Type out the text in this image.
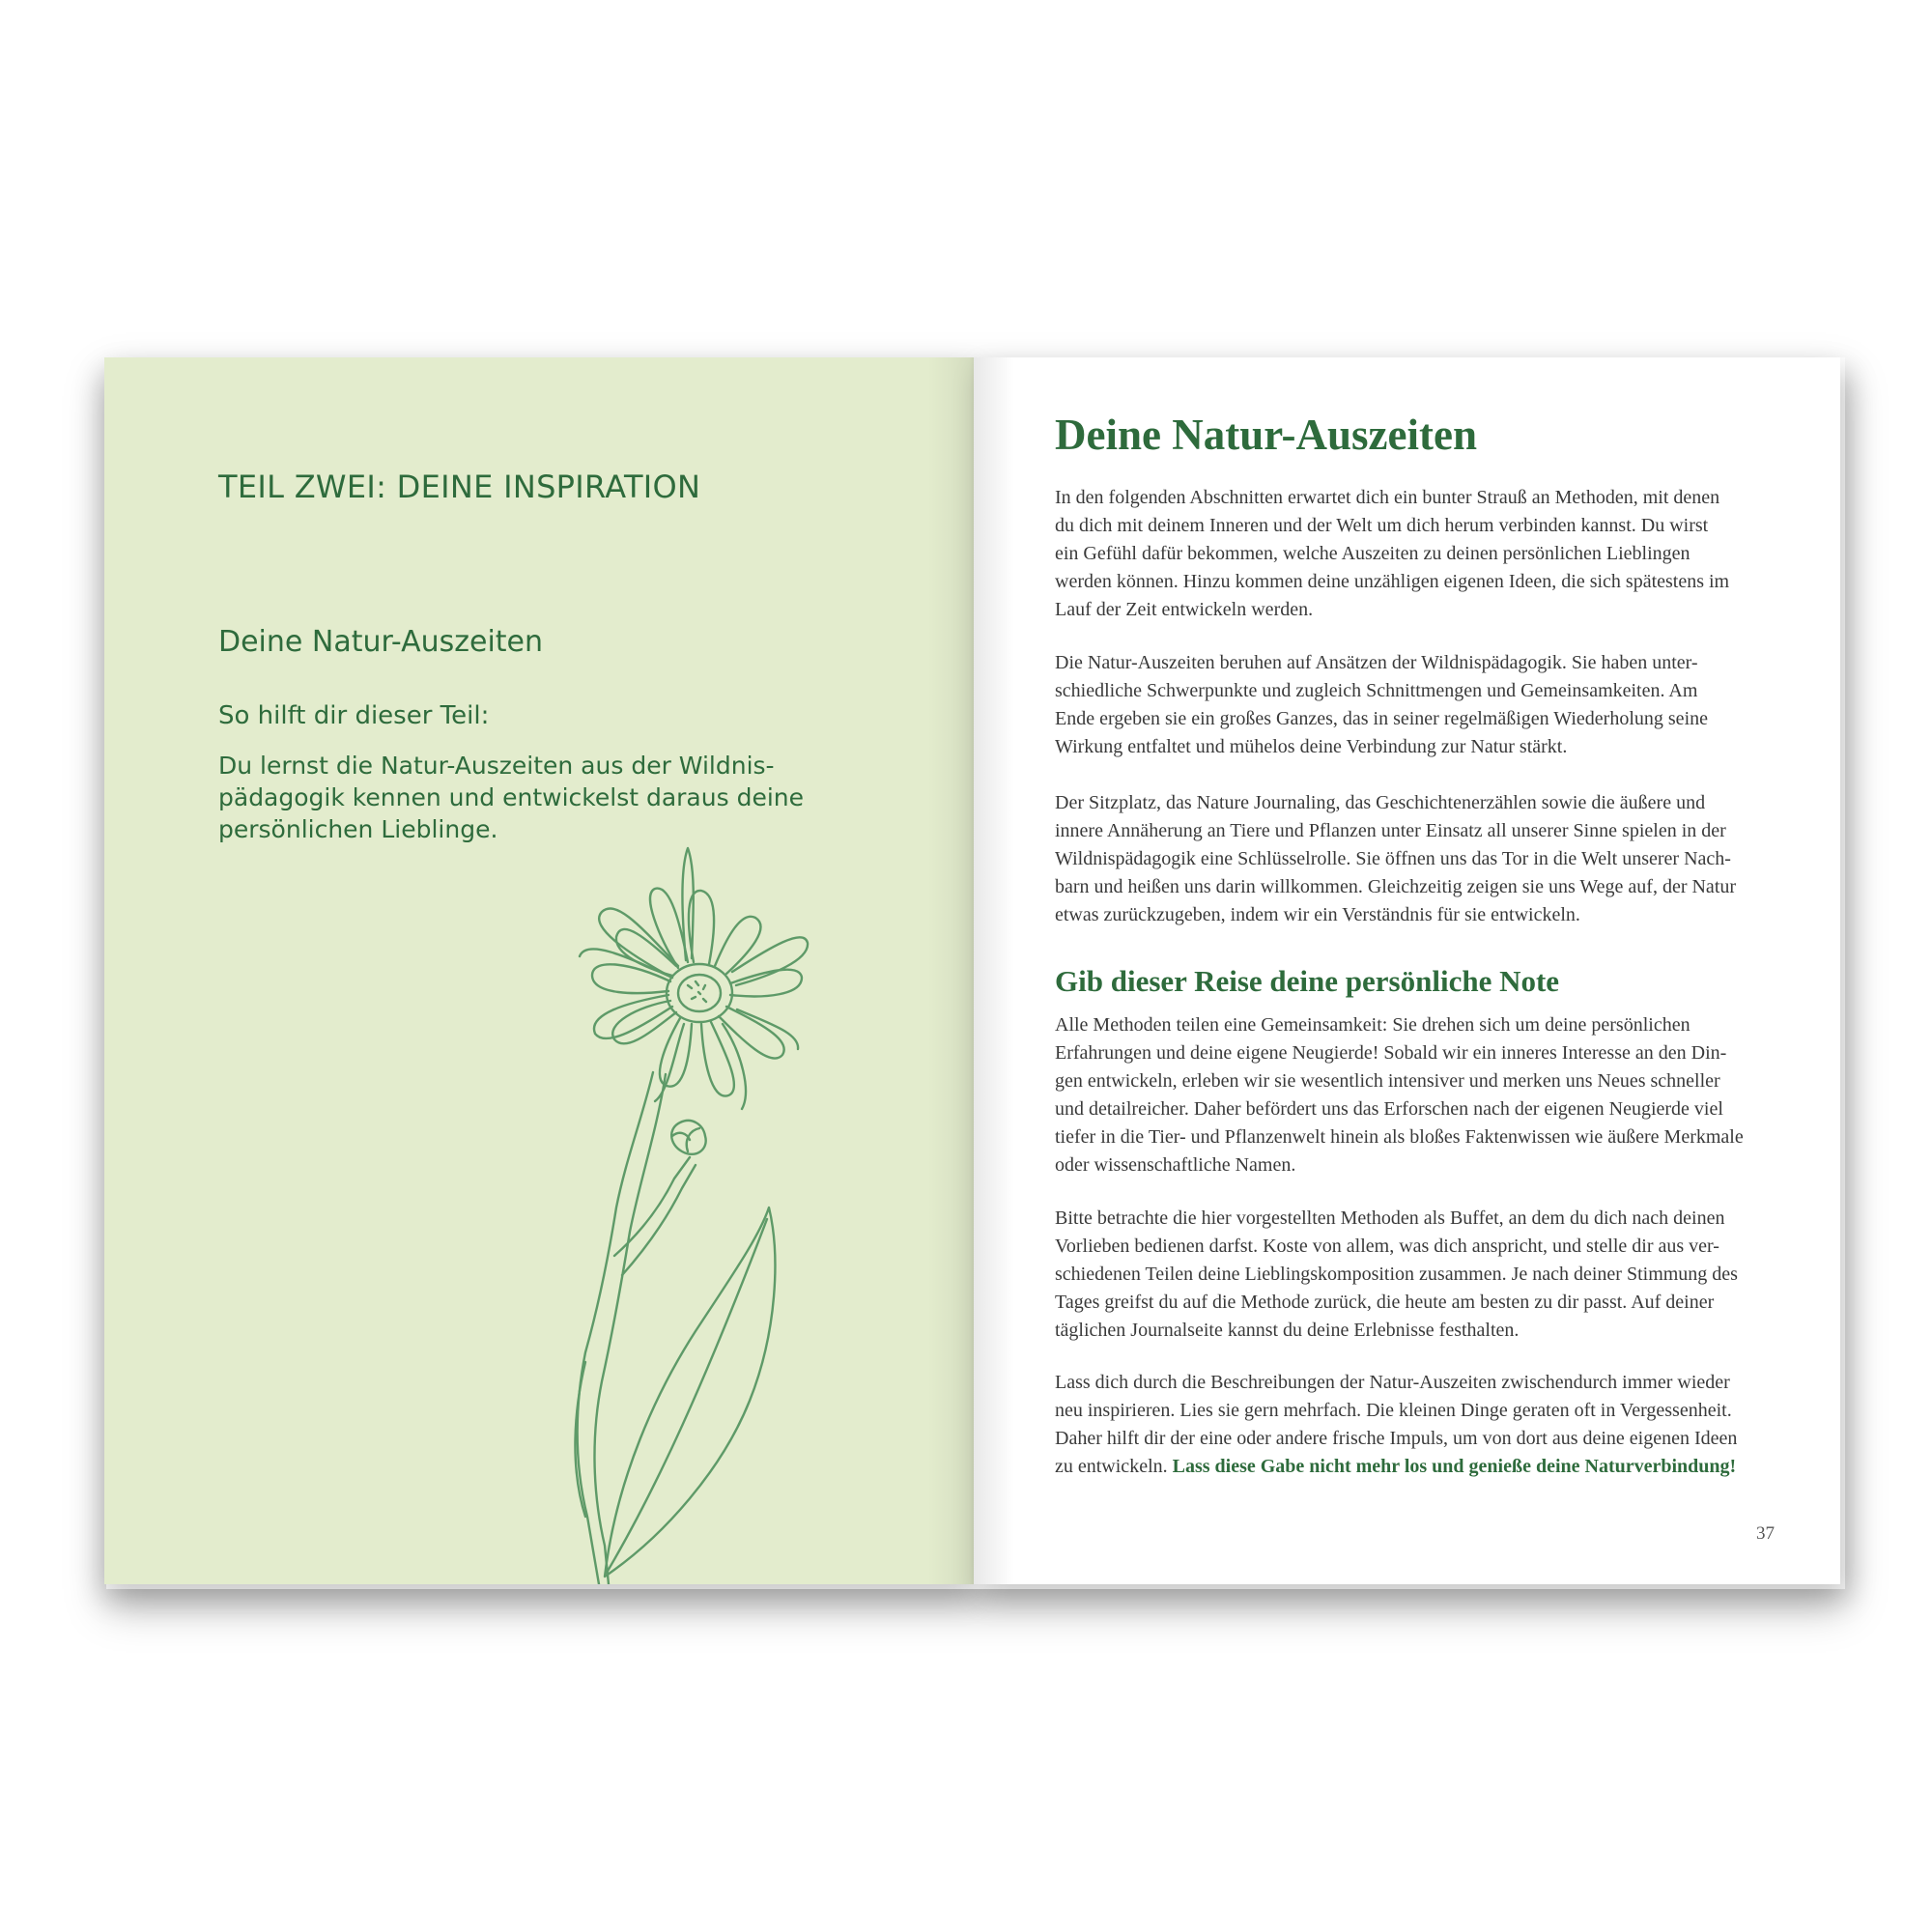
TEIL ZWEI: DEINE INSPIRATION
Deine Natur-Auszeiten
So hilft dir dieser Teil:
Du lernst die Natur-Auszeiten aus der Wildnis-
pädagogik kennen und entwickelst daraus deine
persönlichen Lieblinge.
Deine Natur-Auszeiten
In den folgenden Abschnitten erwartet dich ein bunter Strauß an Methoden, mit denen
du dich mit deinem Inneren und der Welt um dich herum verbinden kannst. Du wirst
ein Gefühl dafür bekommen, welche Auszeiten zu deinen persönlichen Lieblingen
werden können. Hinzu kommen deine unzähligen eigenen Ideen, die sich spätestens im
Lauf der Zeit entwickeln werden.
Die Natur-Auszeiten beruhen auf Ansätzen der Wildnispädagogik. Sie haben unter-
schiedliche Schwerpunkte und zugleich Schnittmengen und Gemeinsamkeiten. Am
Ende ergeben sie ein großes Ganzes, das in seiner regelmäßigen Wiederholung seine
Wirkung entfaltet und mühelos deine Verbindung zur Natur stärkt.
Der Sitzplatz, das Nature Journaling, das Geschichtenerzählen sowie die äußere und
innere Annäherung an Tiere und Pflanzen unter Einsatz all unserer Sinne spielen in der
Wildnispädagogik eine Schlüsselrolle. Sie öffnen uns das Tor in die Welt unserer Nach-
barn und heißen uns darin willkommen. Gleichzeitig zeigen sie uns Wege auf, der Natur
etwas zurückzugeben, indem wir ein Verständnis für sie entwickeln.
Gib dieser Reise deine persönliche Note
Alle Methoden teilen eine Gemeinsamkeit: Sie drehen sich um deine persönlichen
Erfahrungen und deine eigene Neugierde! Sobald wir ein inneres Interesse an den Din-
gen entwickeln, erleben wir sie wesentlich intensiver und merken uns Neues schneller
und detailreicher. Daher befördert uns das Erforschen nach der eigenen Neugierde viel
tiefer in die Tier- und Pflanzenwelt hinein als bloßes Faktenwissen wie äußere Merkmale
oder wissenschaftliche Namen.
Bitte betrachte die hier vorgestellten Methoden als Buffet, an dem du dich nach deinen
Vorlieben bedienen darfst. Koste von allem, was dich anspricht, und stelle dir aus ver-
schiedenen Teilen deine Lieblingskomposition zusammen. Je nach deiner Stimmung des
Tages greifst du auf die Methode zurück, die heute am besten zu dir passt. Auf deiner
täglichen Journalseite kannst du deine Erlebnisse festhalten.
Lass dich durch die Beschreibungen der Natur-Auszeiten zwischendurch immer wieder
neu inspirieren. Lies sie gern mehrfach. Die kleinen Dinge geraten oft in Vergessenheit.
Daher hilft dir der eine oder andere frische Impuls, um von dort aus deine eigenen Ideen
zu entwickeln. Lass diese Gabe nicht mehr los und genieße deine Naturverbindung!
37
